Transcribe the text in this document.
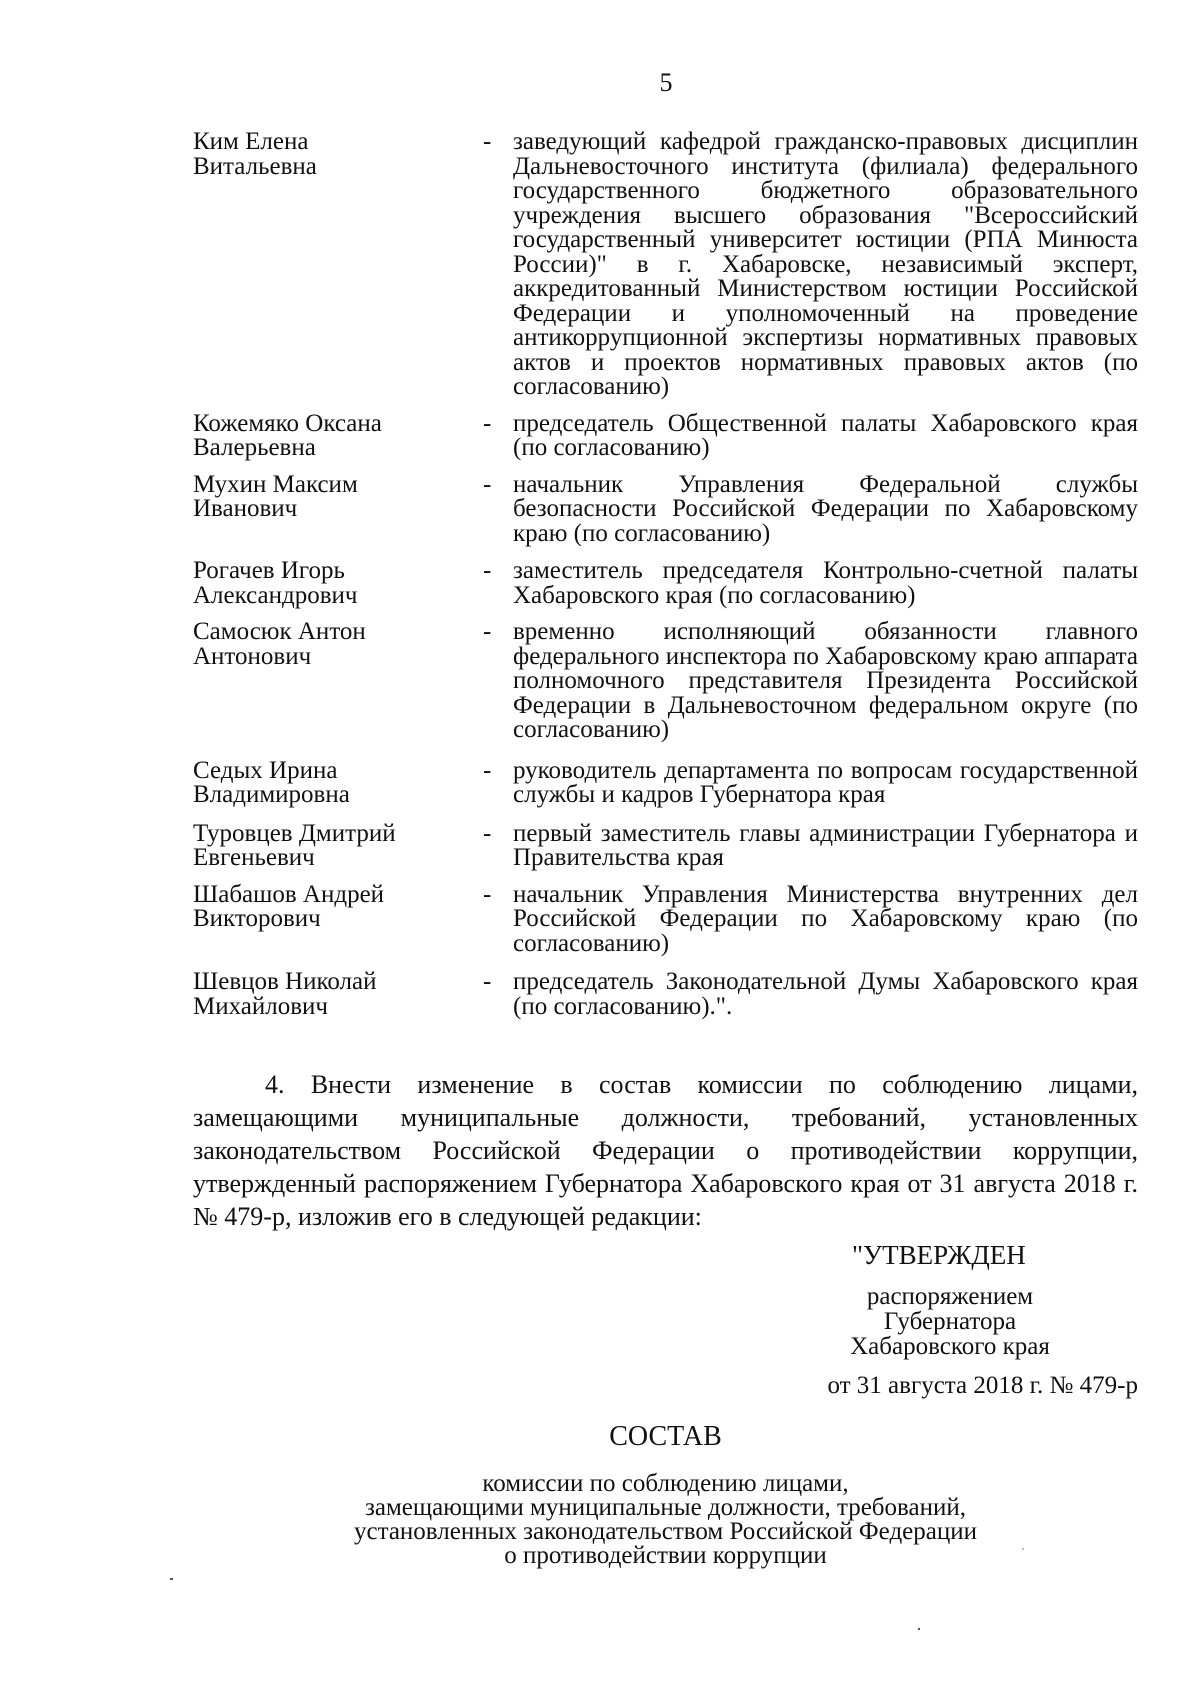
5
Ким Елена
Витальевна
- заведующий кафедрой гражданско-правовых дисциплин Дальневосточного института (филиала) федерального государственного бюджетного образовательного учреждения высшего образования "Всероссийский государственный университет юстиции (РПА Минюста России)" в г. Хабаровске, независимый эксперт, аккредитованный Министерством юстиции Российской Федерации и уполномоченный на проведение антикоррупционной экспертизы нормативных правовых актов и проектов нормативных правовых актов (по согласованию)
Кожемяко Оксана
Валерьевна
- председатель Общественной палаты Хабаровского края (по согласованию)
Мухин Максим
Иванович
- начальник Управления Федеральной службы безопасности Российской Федерации по Хабаровскому краю (по согласованию)
Рогачев Игорь
Александрович
- заместитель председателя Контрольно-счетной палаты Хабаровского края (по согласованию)
Самосюк Антон
Антонович
- временно исполняющий обязанности главного федерального инспектора по Хабаровскому краю аппарата полномочного представителя Президента Российской Федерации в Дальневосточном федеральном округе (по согласованию)
Седых Ирина
Владимировна
- руководитель департамента по вопросам государственной службы и кадров Губернатора края
Туровцев Дмитрий
Евгеньевич
- первый заместитель главы администрации Губернатора и Правительства края
Шабашов Андрей
Викторович
- начальник Управления Министерства внутренних дел Российской Федерации по Хабаровскому краю (по согласованию)
Шевцов Николай
Михайлович
- председатель Законодательной Думы Хабаровского края (по согласованию).".
4. Внести изменение в состав комиссии по соблюдению лицами, замещающими муниципальные должности, требований, установленных законодательством Российской Федерации о противодействии коррупции, утвержденный распоряжением Губернатора Хабаровского края от 31 августа 2018 г. № 479-р, изложив его в следующей редакции:
"УТВЕРЖДЕН
распоряжением
Губернатора
Хабаровского края
от 31 августа 2018 г. № 479-р
СОСТАВ
комиссии по соблюдению лицами,
замещающими муниципальные должности, требований,
установленных законодательством Российской Федерации
о противодействии коррупции
